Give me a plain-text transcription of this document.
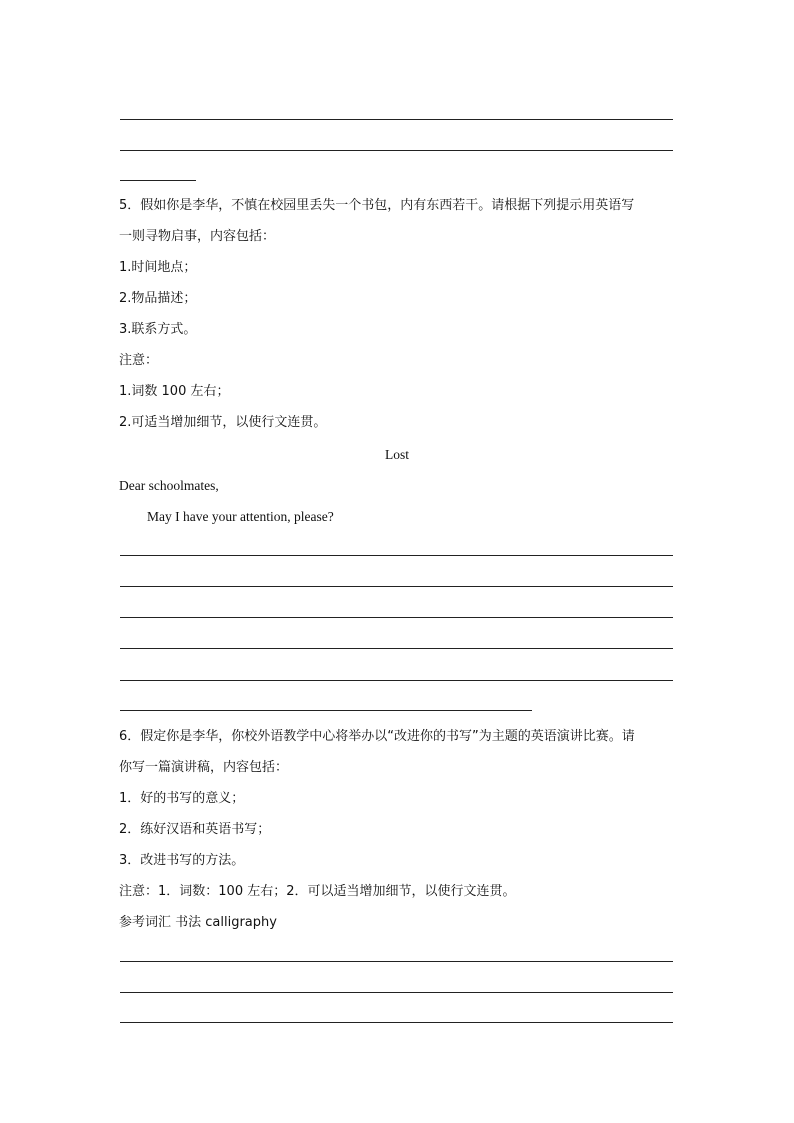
5．假如你是李华，不慎在校园里丢失一个书包，内有东西若干。请根据下列提示用英语写
一则寻物启事，内容包括：
1.时间地点；
2.物品描述；
3.联系方式。
注意：
1.词数 100 左右；
2.可适当增加细节，以使行文连贯。
Lost
Dear schoolmates,
May I have your attention, please?
6．假定你是李华，你校外语教学中心将举办以“改进你的书写”为主题的英语演讲比赛。请
你写一篇演讲稿，内容包括：
1．好的书写的意义；
2．练好汉语和英语书写；
3．改进书写的方法。
注意：1．词数：100 左右；2．可以适当增加细节，以使行文连贯。
参考词汇 书法 calligraphy
